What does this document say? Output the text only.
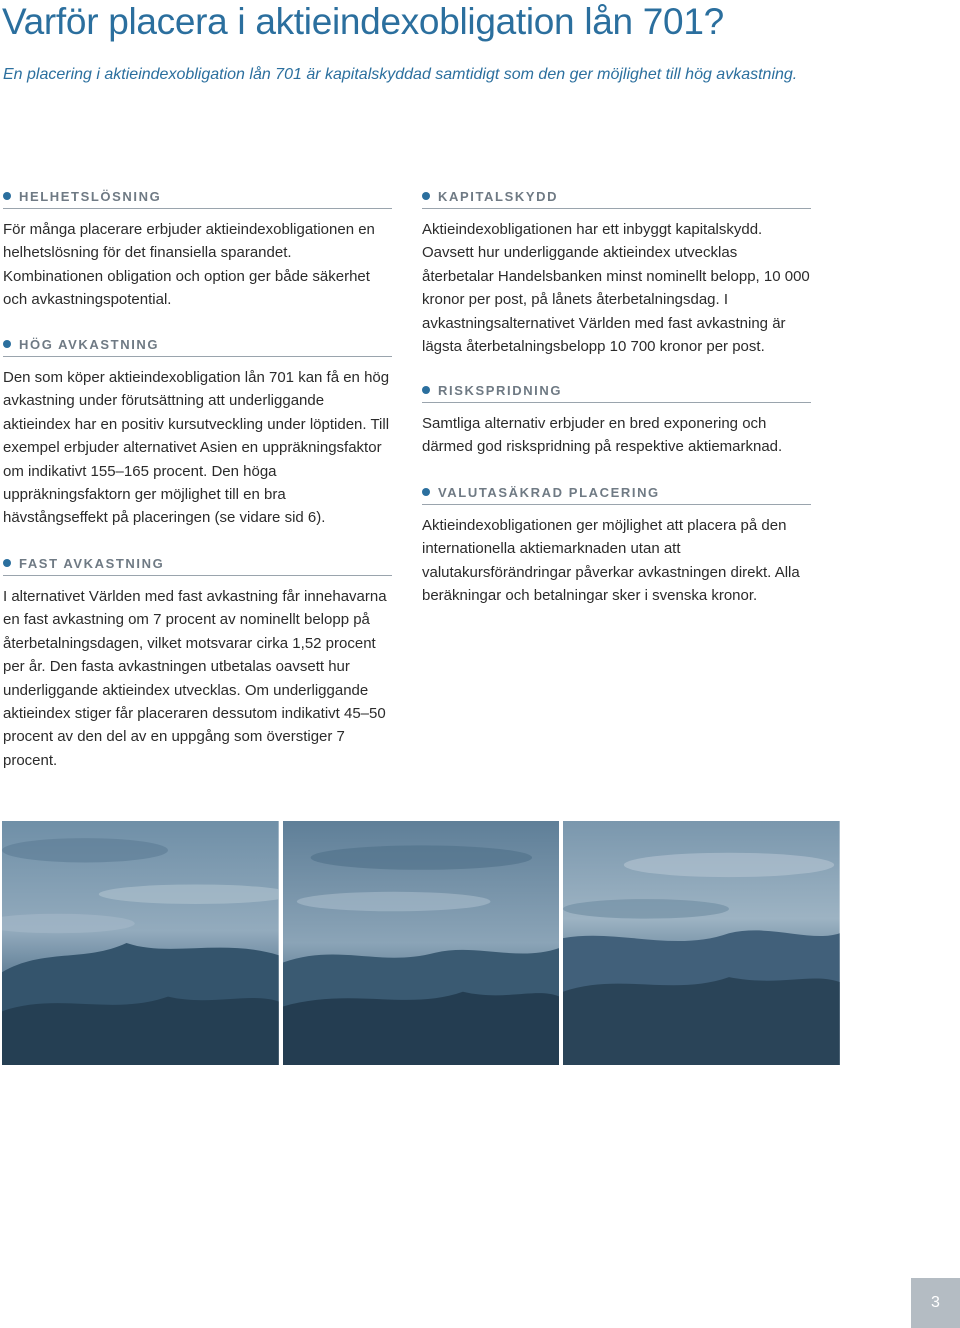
Varför placera i aktieindexobligation lån 701?

En placering i aktieindexobligation lån 701 är kapitalskyddad samtidigt som den ger möjlighet till hög avkastning.

HELHETSLÖSNING

För många placerare erbjuder aktieindexobligationen en helhetslösning för det finansiella sparandet. Kombinationen obligation och option ger både säkerhet och avkastningspotential.

HÖG AVKASTNING

Den som köper aktieindexobligation lån 701 kan få en hög avkastning under förutsättning att underliggande aktieindex har en positiv kursutveckling under löptiden. Till exempel erbjuder alternativet Asien en uppräkningsfaktor om indikativt 155–165 procent. Den höga uppräkningsfaktorn ger möjlighet till en bra hävstångseffekt på placeringen (se vidare sid 6).

FAST AVKASTNING

I alternativet Världen med fast avkastning får innehavarna en fast avkastning om 7 procent av nominellt belopp på återbetalningsdagen, vilket motsvarar cirka 1,52 procent per år. Den fasta avkastningen utbetalas oavsett hur underliggande aktieindex utvecklas. Om underliggande aktieindex stiger får placeraren dessutom indikativt 45–50 procent av den del av en uppgång som överstiger 7 procent.

KAPITALSKYDD

Aktieindexobligationen har ett inbyggt kapitalskydd. Oavsett hur underliggande aktieindex utvecklas återbetalar Handelsbanken minst nominellt belopp, 10 000 kronor per post, på lånets återbetalningsdag. I avkastningsalternativet Världen med fast avkastning är lägsta återbetalningsbelopp 10 700 kronor per post.

RISKSPRIDNING

Samtliga alternativ erbjuder en bred exponering och därmed god riskspridning på respektive aktiemarknad.

VALUTASÄKRAD PLACERING

Aktieindexobligationen ger möjlighet att placera på den internationella aktiemarknaden utan att valutakursförändringar påverkar avkastningen direkt. Alla beräkningar och betalningar sker i svenska kronor.

3
